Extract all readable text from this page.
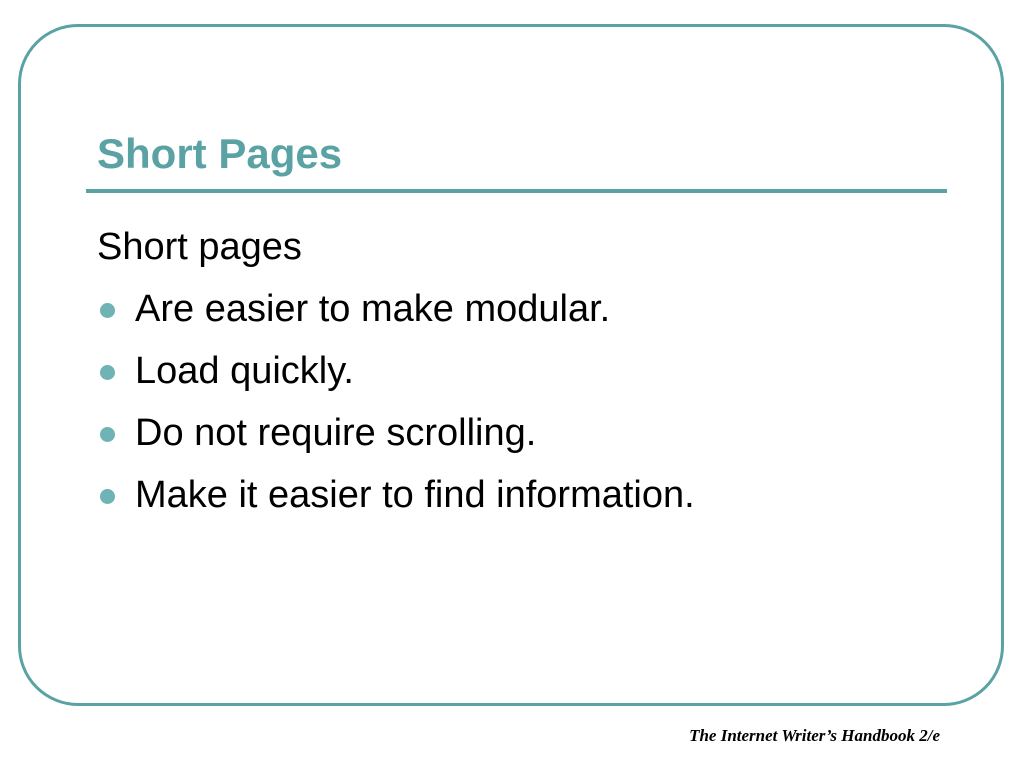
Short Pages
Short pages
Are easier to make modular.
Load quickly.
Do not require scrolling.
Make it easier to find information.
The Internet Writer’s Handbook 2/e
